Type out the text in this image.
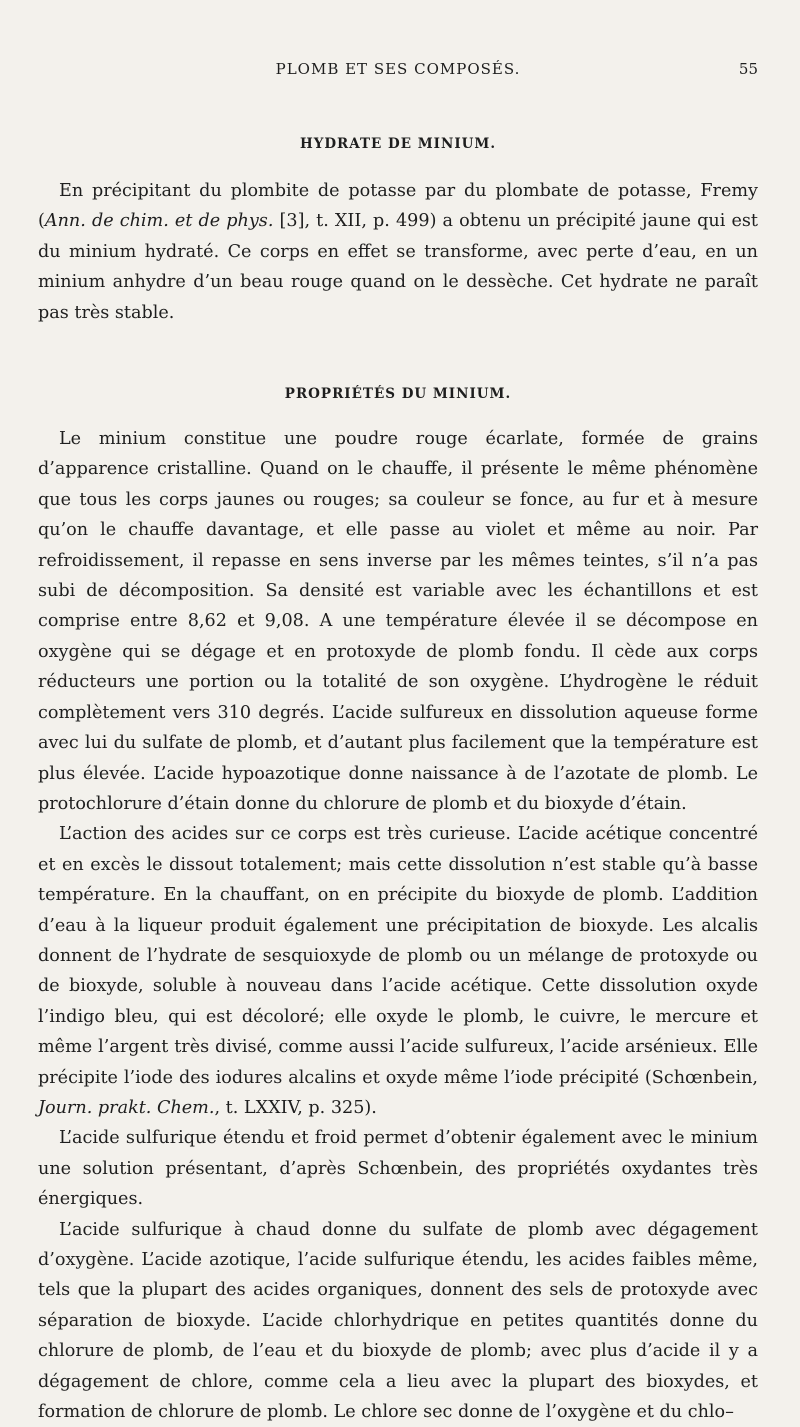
PLOMB ET SES COMPOSÉS.	55
HYDRATE DE MINIUM.

En précipitant du plombite de potasse par du plombate de potasse, Fremy (Ann. de chim. et de phys. [3], t. XII, p. 499) a obtenu un précipité jaune qui est du minium hydraté. Ce corps en effet se transforme, avec perte d’eau, en un minium anhydre d’un beau rouge quand on le dessèche. Cet hydrate ne paraît pas très stable.

PROPRIÉTÉS DU MINIUM.

Le minium constitue une poudre rouge écarlate, formée de grains d’apparence cristalline. Quand on le chauffe, il présente le même phénomène que tous les corps jaunes ou rouges; sa couleur se fonce, au fur et à mesure qu’on le chauffe davantage, et elle passe au violet et même au noir. Par refroidissement, il repasse en sens inverse par les mêmes teintes, s’il n’a pas subi de décomposition. Sa densité est variable avec les échantillons et est comprise entre 8,62 et 9,08. A une température élevée il se décompose en oxygène qui se dégage et en protoxyde de plomb fondu. Il cède aux corps réducteurs une portion ou la totalité de son oxygène. L’hydrogène le réduit complètement vers 310 degrés. L’acide sulfureux en dissolution aqueuse forme avec lui du sulfate de plomb, et d’autant plus facilement que la température est plus élevée. L’acide hypoazotique donne naissance à de l’azotate de plomb. Le protochlorure d’étain donne du chlorure de plomb et du bioxyde d’étain.

L’action des acides sur ce corps est très curieuse. L’acide acétique concentré et en excès le dissout totalement; mais cette dissolution n’est stable qu’à basse température. En la chauffant, on en précipite du bioxyde de plomb. L’addition d’eau à la liqueur produit également une précipitation de bioxyde. Les alcalis donnent de l’hydrate de sesquioxyde de plomb ou un mélange de protoxyde ou de bioxyde, soluble à nouveau dans l’acide acétique. Cette dissolution oxyde l’indigo bleu, qui est décoloré; elle oxyde le plomb, le cuivre, le mercure et même l’argent très divisé, comme aussi l’acide sulfureux, l’acide arsénieux. Elle précipite l’iode des iodures alcalins et oxyde même l’iode précipité (Schœnbein, Journ. prakt. Chem., t. LXXIV, p. 325).

L’acide sulfurique étendu et froid permet d’obtenir également avec le minium une solution présentant, d’après Schœnbein, des propriétés oxydantes très énergiques.

L’acide sulfurique à chaud donne du sulfate de plomb avec dégagement d’oxygène. L’acide azotique, l’acide sulfurique étendu, les acides faibles même, tels que la plupart des acides organiques, donnent des sels de protoxyde avec séparation de bioxyde. L’acide chlorhydrique en petites quantités donne du chlorure de plomb, de l’eau et du bioxyde de plomb; avec plus d’acide il y a dégagement de chlore, comme cela a lieu avec la plupart des bioxydes, et formation de chlorure de plomb. Le chlore sec donne de l’oxygène et du chlo–
